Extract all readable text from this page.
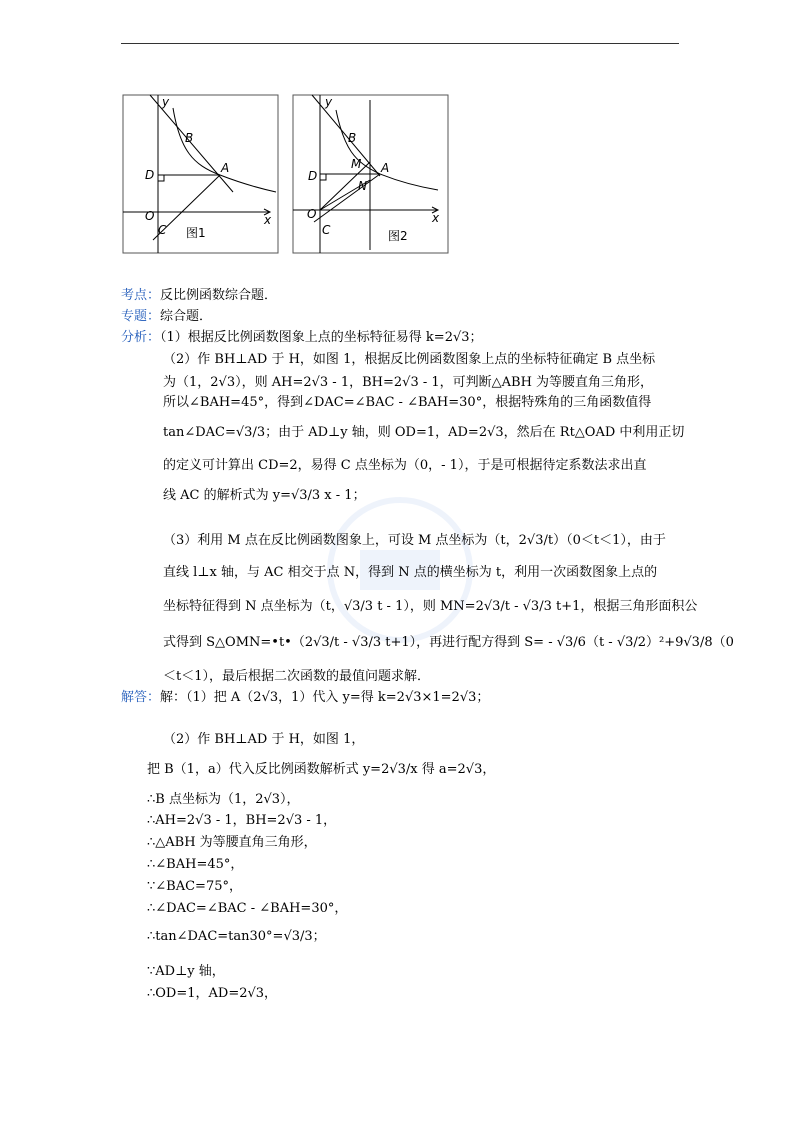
y
x
B
A
D
O
C 图1
y
x
B
A
M
N
D
O
C	图2
考点：反比例函数综合题．
专题：综合题．
分析：（1）根据反比例函数图象上点的坐标特征易得 k=2√3；
（2）作 BH⊥AD 于 H，如图 1，根据反比例函数图象上点的坐标特征确定 B 点坐标
为（1，2√3），则 AH=2√3 - 1，BH=2√3 - 1，可判断△ABH 为等腰直角三角形，
所以∠BAH=45°，得到∠DAC=∠BAC - ∠BAH=30°，根据特殊角的三角函数值得
tan∠DAC=√3/3；由于 AD⊥y 轴，则 OD=1，AD=2√3，然后在 Rt△OAD 中利用正切
的定义可计算出 CD=2，易得 C 点坐标为（0，- 1），于是可根据待定系数法求出直
线 AC 的解析式为 y=√3/3 x - 1；
（3）利用 M 点在反比例函数图象上，可设 M 点坐标为（t，2√3/t）（0＜t＜1），由于
直线 l⊥x 轴，与 AC 相交于点 N，得到 N 点的横坐标为 t，利用一次函数图象上点的
坐标特征得到 N 点坐标为（t，√3/3 t - 1），则 MN=2√3/t - √3/3 t+1，根据三角形面积公
式得到 S△OMN=•t•（2√3/t - √3/3 t+1），再进行配方得到 S= - √3/6（t - √3/2）²+9√3/8（0
＜t＜1），最后根据二次函数的最值问题求解．
解答：解：（1）把 A（2√3，1）代入 y=得 k=2√3×1=2√3；
（2）作 BH⊥AD 于 H，如图 1，
把 B（1，a）代入反比例函数解析式 y=2√3/x 得 a=2√3，
∴B 点坐标为（1，2√3），
∴AH=2√3 - 1，BH=2√3 - 1，
∴△ABH 为等腰直角三角形，
∴∠BAH=45°，
∵∠BAC=75°，
∴∠DAC=∠BAC - ∠BAH=30°，
∴tan∠DAC=tan30°=√3/3；
∵AD⊥y 轴，
∴OD=1，AD=2√3，
